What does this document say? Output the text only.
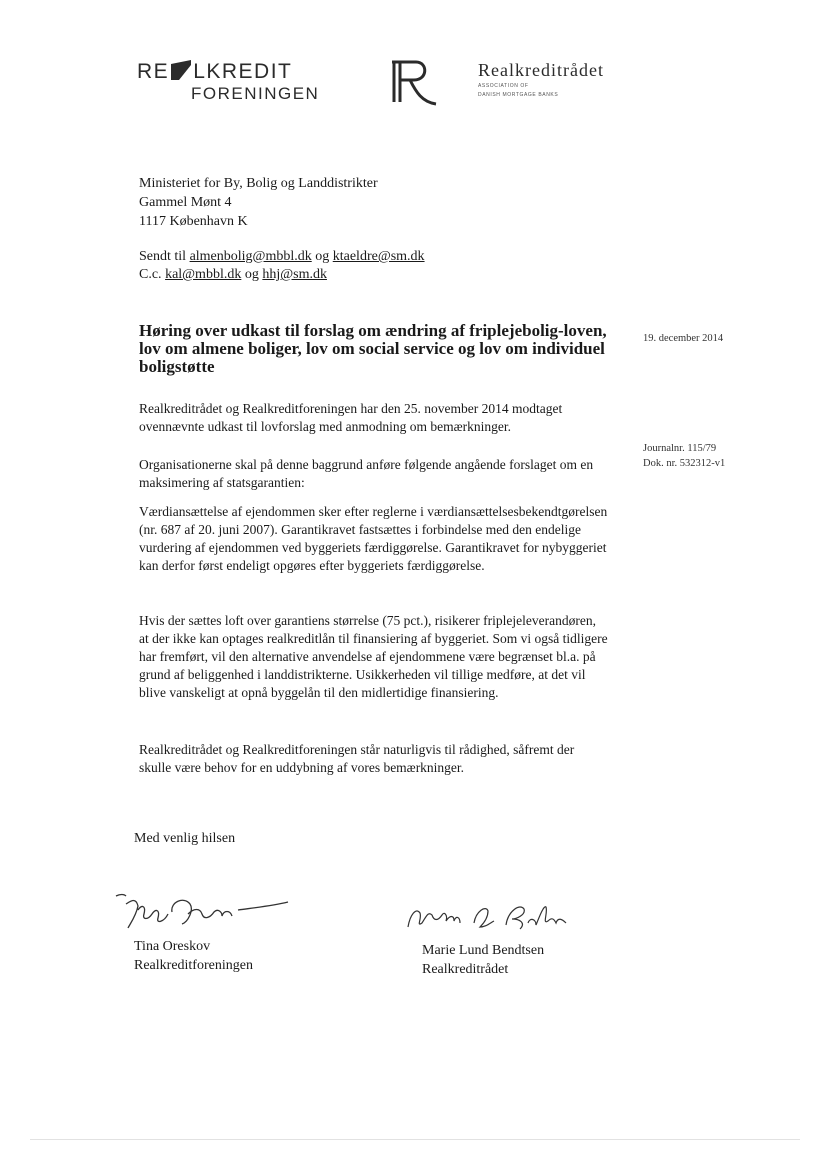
RE LKREDIT
FORENINGEN
Realkreditrådet
ASSOCIATION OF
DANISH MORTGAGE BANKS
Ministeriet for By, Bolig og Landdistrikter
Gammel Mønt 4
1117 København K
Sendt til almenbolig@mbbl.dk og ktaeldre@sm.dk
C.c. kal@mbbl.dk og hhj@sm.dk
Høring over udkast til forslag om ændring af friplejebolig-loven, lov om almene boliger, lov om social service og lov om individuel boligstøtte
19. december 2014
Journalnr. 115/79
Dok. nr. 532312-v1
Realkreditrådet og Realkreditforeningen har den 25. november 2014 modtaget ovennævnte udkast til lovforslag med anmodning om bemærkninger.
Organisationerne skal på denne baggrund anføre følgende angående forslaget om en maksimering af statsgarantien:
Værdiansættelse af ejendommen sker efter reglerne i værdiansættelsesbekendtgørelsen (nr. 687 af 20. juni 2007). Garantikravet fastsættes i forbindelse med den endelige vurdering af ejendommen ved byggeriets færdiggørelse. Garantikravet for nybyggeriet kan derfor først endeligt opgøres efter byggeriets færdiggørelse.
Hvis der sættes loft over garantiens størrelse (75 pct.), risikerer friplejeleverandøren, at der ikke kan optages realkreditlån til finansiering af byggeriet. Som vi også tidligere har fremført, vil den alternative anvendelse af ejendommene være begrænset bl.a. på grund af beliggenhed i landdistrikterne. Usikkerheden vil tillige medføre, at det vil blive vanskeligt at opnå byggelån til den midlertidige finansiering.
Realkreditrådet og Realkreditforeningen står naturligvis til rådighed, såfremt der skulle være behov for en uddybning af vores bemærkninger.
Med venlig hilsen
Tina Oreskov
Realkreditforeningen
Marie Lund Bendtsen
Realkreditrådet
